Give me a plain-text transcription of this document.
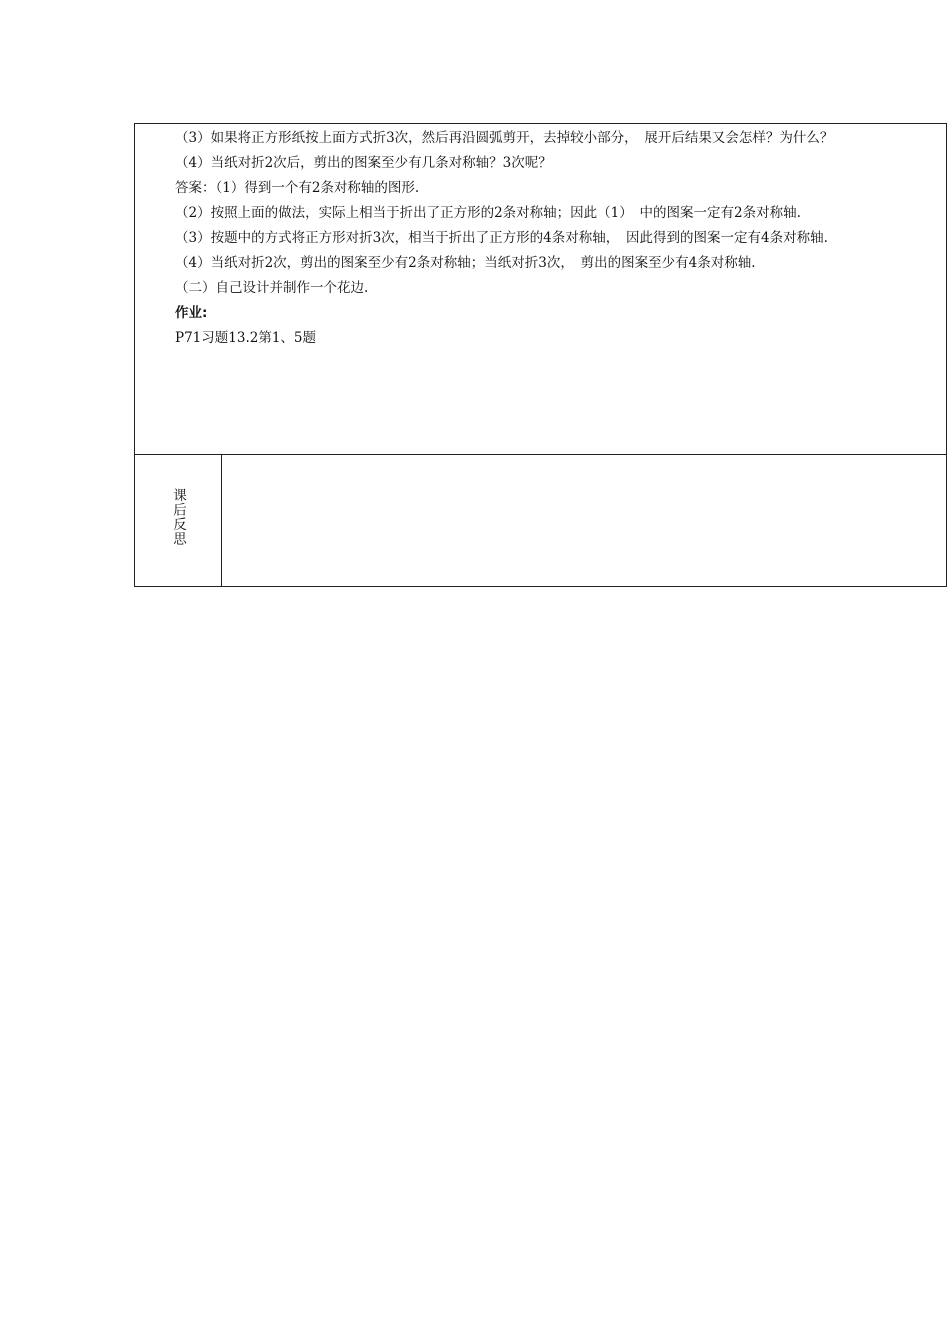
（3）如果将正方形纸按上面方式折3次，然后再沿圆弧剪开，去掉较小部分，　展开后结果又会怎样？为什么？

（4）当纸对折2次后，剪出的图案至少有几条对称轴？3次呢？

答案：（1）得到一个有2条对称轴的图形.

（2）按照上面的做法，实际上相当于折出了正方形的2条对称轴；因此（1）　中的图案一定有2条对称轴.

（3）按题中的方式将正方形对折3次，相当于折出了正方形的4条对称轴，　因此得到的图案一定有4条对称轴.

（4）当纸对折2次，剪出的图案至少有2条对称轴；当纸对折3次，　剪出的图案至少有4条对称轴.

（二）自己设计并制作一个花边.

作业:

P71习题13.2第1、5题

课后反思
